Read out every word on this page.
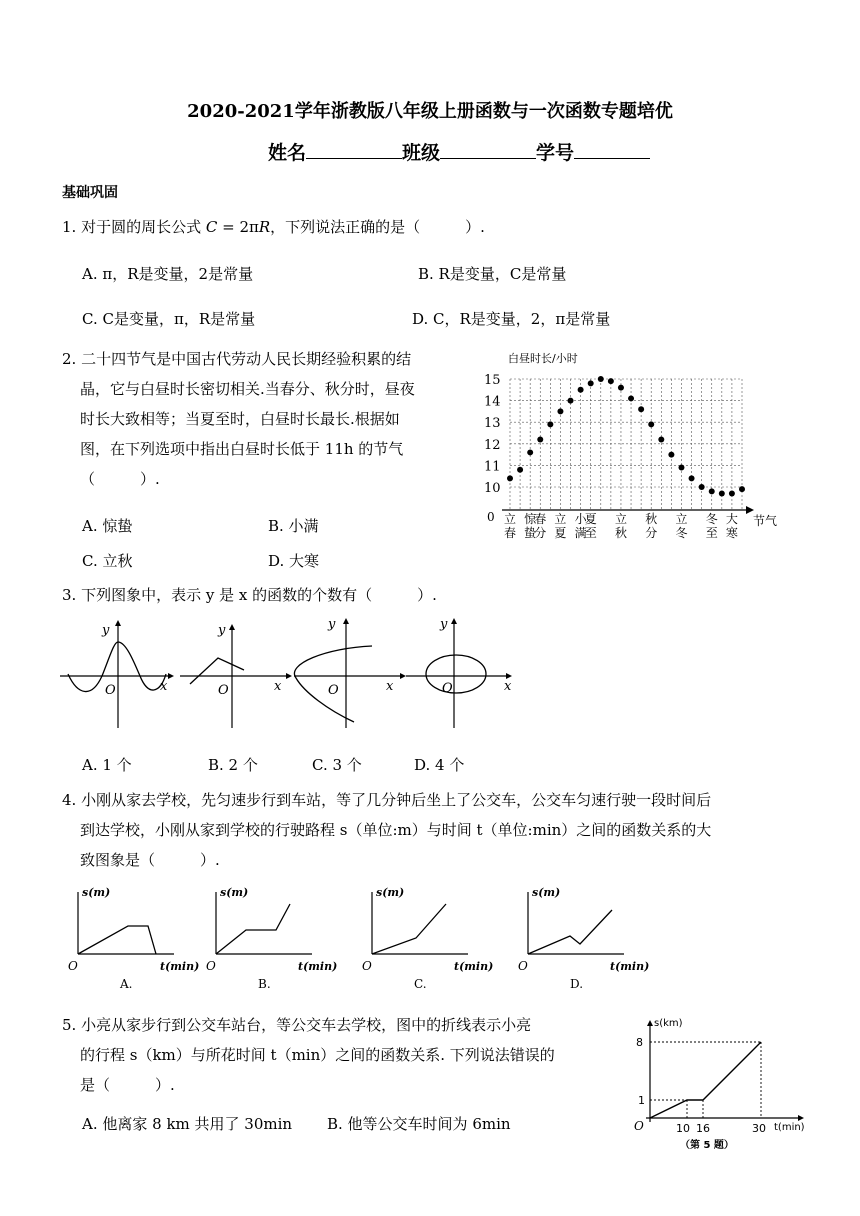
2020-2021学年浙教版八年级上册函数与一次函数专题培优
姓名	班级	学号
基础巩固
1. 对于圆的周长公式 C = 2πR，下列说法正确的是（　　　）.
A. π，R是变量，2是常量	B. R是变量，C是常量
C. C是变量，π，R是常量	D. C，R是变量，2，π是常量
2. 二十四节气是中国古代劳动人民长期经验积累的结
晶，它与白昼时长密切相关.当春分、秋分时，昼夜
时长大致相等；当夏至时，白昼时长最长.根据如
图，在下列选项中指出白昼时长低于 11h 的节气
（　　　）.
A. 惊蛰	B. 小满
C. 立秋	D. 大寒
白昼时长/小时
节气
0
10
11
12
13
14
15
立
春
惊
蛰
春
分
立
夏
小
满
夏
至
立
秋
秋
分
立
冬
冬
至
大
寒
3. 下列图象中，表示 y 是 x 的函数的个数有（　　　）.
O	x
y
O	x
y
O	x
y
O	x
y
A. 1 个	B. 2 个	C. 3 个	D. 4 个
4. 小刚从家去学校，先匀速步行到车站，等了几分钟后坐上了公交车，公交车匀速行驶一段时间后
到达学校，小刚从家到学校的行驶路程 s（单位:m）与时间 t（单位:min）之间的函数关系的大
致图象是（　　　）.
s(m)
t(min)
O
A.
s(m)
t(min)
O
B.
s(m)
t(min)
O
C.
s(m)
t(min)
O
D.
5. 小亮从家步行到公交车站台，等公交车去学校，图中的折线表示小亮
的行程 s（km）与所花时间 t（min）之间的函数关系. 下列说法错误的
是（　　　）.
A. 他离家 8 km 共用了 30min B. 他等公交车时间为 6min
s(km)
t(min)
O
8
1
10 16	30
（第 5 题）
